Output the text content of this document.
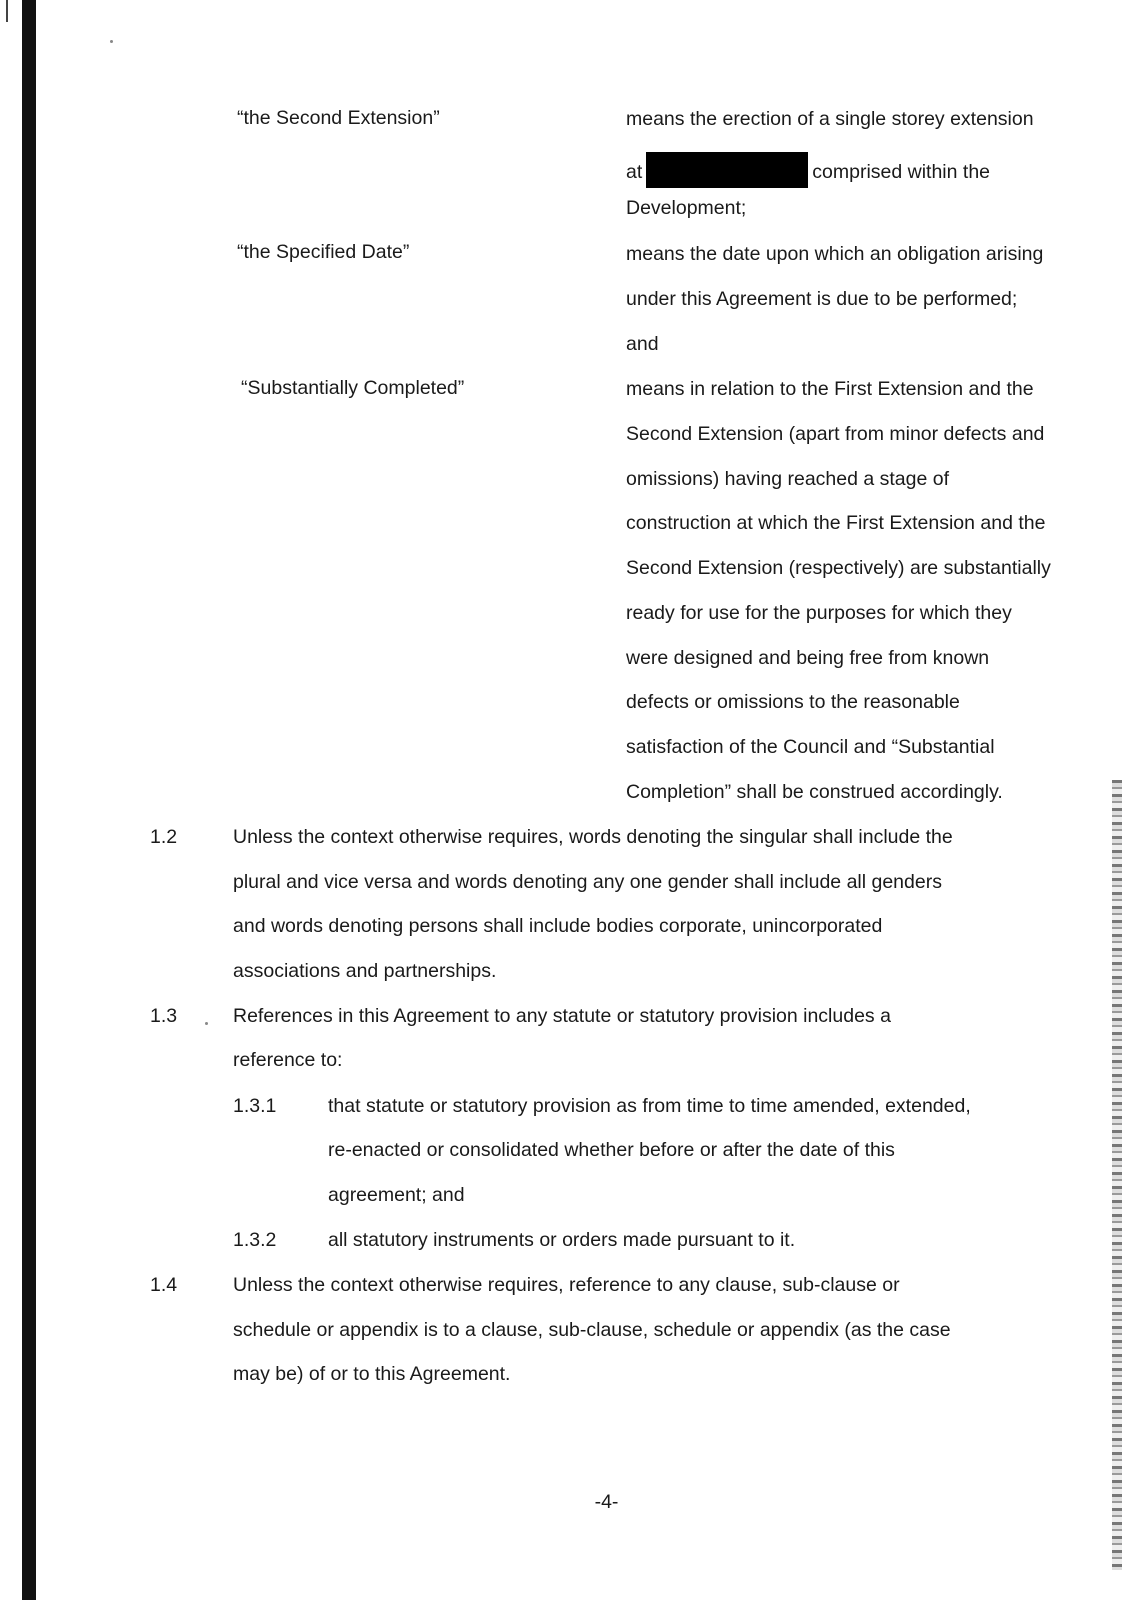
“the Second Extension”	means the erection of a single storey extension
at	comprised within the
Development;
“the Specified Date”	means the date upon which an obligation arising
under this Agreement is due to be performed;
and
“Substantially Completed”	means in relation to the First Extension and the
Second Extension (apart from minor defects and
omissions) having reached a stage of
construction at which the First Extension and the
Second Extension (respectively) are substantially
ready for use for the purposes for which they
were designed and being free from known
defects or omissions to the reasonable
satisfaction of the Council and “Substantial
Completion” shall be construed accordingly.
1.2	Unless the context otherwise requires, words denoting the singular shall include the
plural and vice versa and words denoting any one gender shall include all genders
and words denoting persons shall include bodies corporate, unincorporated
associations and partnerships.
1.3	References in this Agreement to any statute or statutory provision includes a
reference to:
1.3.1	that statute or statutory provision as from time to time amended, extended,
re-enacted or consolidated whether before or after the date of this
agreement; and
1.3.2	all statutory instruments or orders made pursuant to it.
1.4	Unless the context otherwise requires, reference to any clause, sub-clause or
schedule or appendix is to a clause, sub-clause, schedule or appendix (as the case
may be) of or to this Agreement.
-4-
